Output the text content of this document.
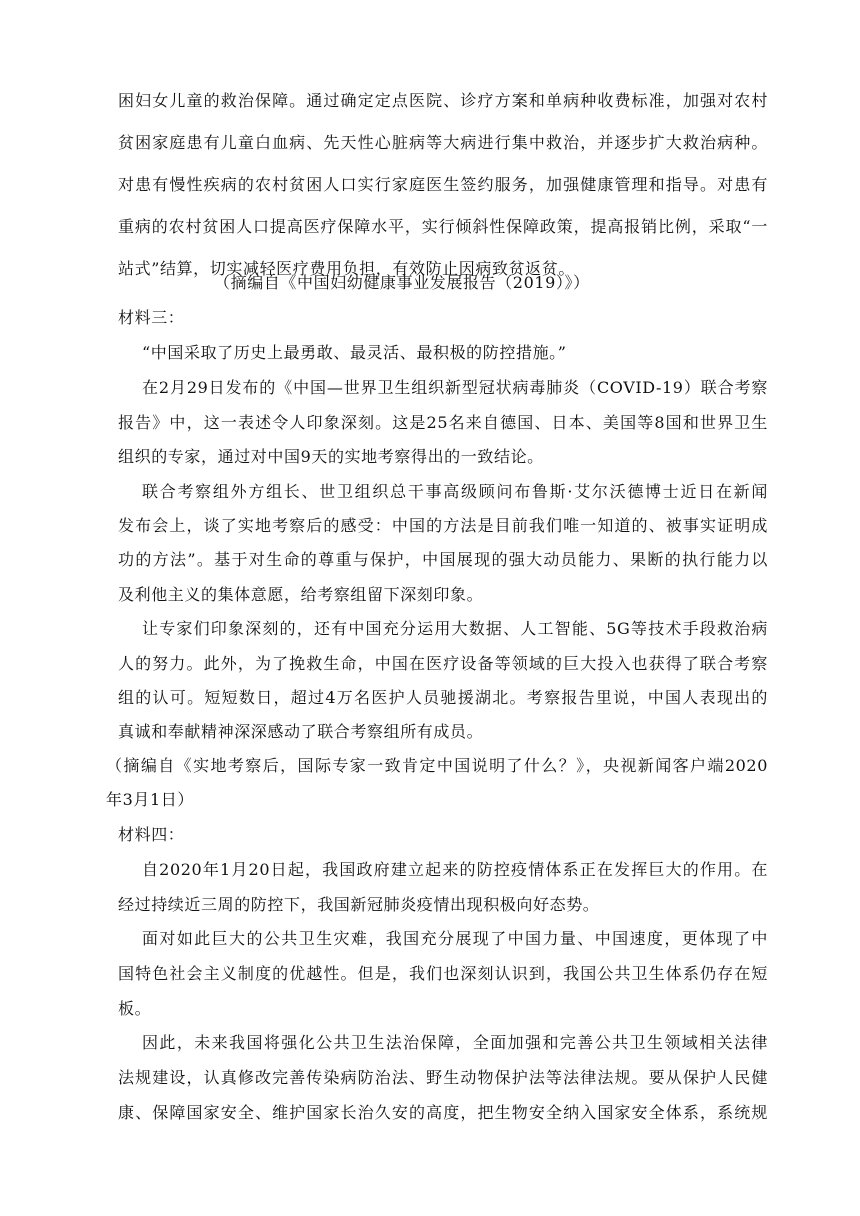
困妇女儿童的救治保障。通过确定定点医院、诊疗方案和单病种收费标准，加强对农村
贫困家庭患有儿童白血病、先天性心脏病等大病进行集中救治，并逐步扩大救治病种。
对患有慢性疾病的农村贫困人口实行家庭医生签约服务，加强健康管理和指导。对患有
重病的农村贫困人口提高医疗保障水平，实行倾斜性保障政策，提高报销比例，采取“一
站式”结算，切实减轻医疗费用负担，有效防止因病致贫返贫。
（摘编自《中国妇幼健康事业发展报告（2019）》）
材料三：
“中国采取了历史上最勇敢、最灵活、最积极的防控措施。”
在2月29日发布的《中国—世界卫生组织新型冠状病毒肺炎（COVID-19）联合考察
报告》中，这一表述令人印象深刻。这是25名来自德国、日本、美国等8国和世界卫生
组织的专家，通过对中国9天的实地考察得出的一致结论。
联合考察组外方组长、世卫组织总干事高级顾问布鲁斯·艾尔沃德博士近日在新闻
发布会上，谈了实地考察后的感受：中国的方法是目前我们唯一知道的、被事实证明成
功的方法”。基于对生命的尊重与保护，中国展现的强大动员能力、果断的执行能力以
及利他主义的集体意愿，给考察组留下深刻印象。
让专家们印象深刻的，还有中国充分运用大数据、人工智能、5G等技术手段救治病
人的努力。此外，为了挽救生命，中国在医疗设备等领域的巨大投入也获得了联合考察
组的认可。短短数日，超过4万名医护人员驰援湖北。考察报告里说，中国人表现出的
真诚和奉献精神深深感动了联合考察组所有成员。
（摘编自《实地考察后，国际专家一致肯定中国说明了什么？》，央视新闻客户端2020
年3月1日）
材料四：
自2020年1月20日起，我国政府建立起来的防控疫情体系正在发挥巨大的作用。在
经过持续近三周的防控下，我国新冠肺炎疫情出现积极向好态势。
面对如此巨大的公共卫生灾难，我国充分展现了中国力量、中国速度，更体现了中
国特色社会主义制度的优越性。但是，我们也深刻认识到，我国公共卫生体系仍存在短
板。
因此，未来我国将强化公共卫生法治保障，全面加强和完善公共卫生领域相关法律
法规建设，认真修改完善传染病防治法、野生动物保护法等法律法规。要从保护人民健
康、保障国家安全、维护国家长治久安的高度，把生物安全纳入国家安全体系，系统规
